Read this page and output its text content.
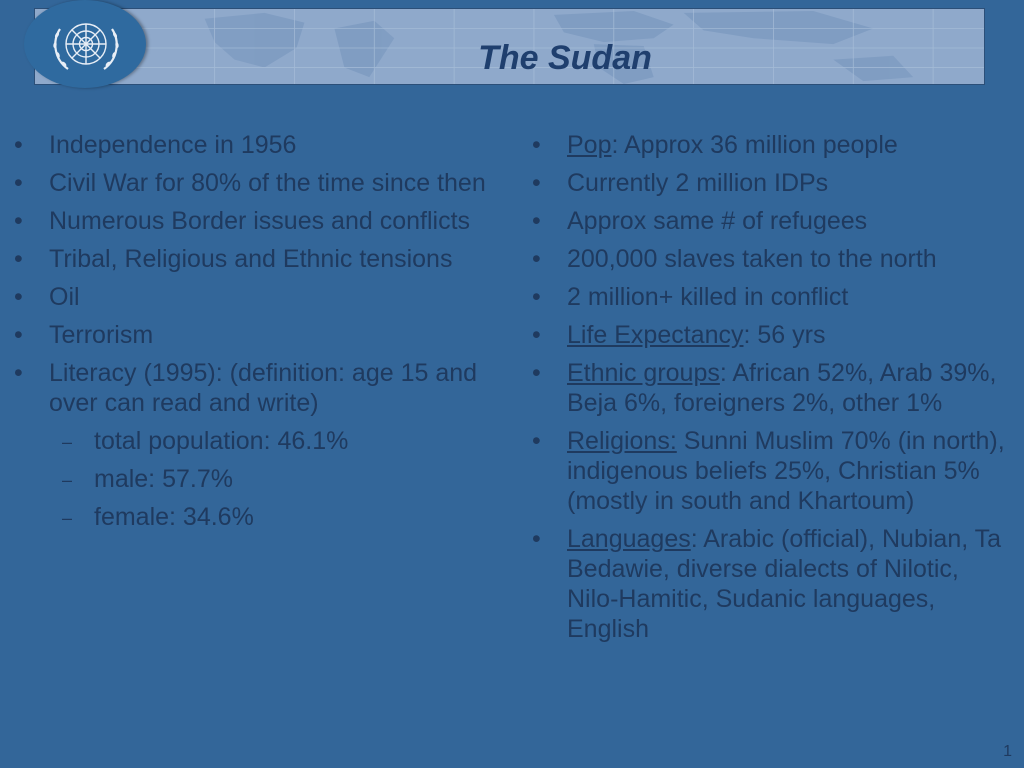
The Sudan
• Independence in 1956
• Civil War for 80% of the time since then
• Numerous Border issues and conflicts
• Tribal, Religious and Ethnic tensions
• Oil
• Terrorism
• Literacy (1995): (definition: age 15 and over can read and write)
– total population: 46.1%
– male: 57.7%
– female: 34.6%
• Pop: Approx 36 million people
• Currently 2 million IDPs
• Approx same # of refugees
• 200,000 slaves taken to the north
• 2 million+ killed in conflict
• Life Expectancy: 56 yrs
• Ethnic groups: African 52%, Arab 39%, Beja 6%, foreigners 2%, other 1%
• Religions: Sunni Muslim 70% (in north), indigenous beliefs 25%, Christian 5% (mostly in south and Khartoum)
• Languages: Arabic (official), Nubian, Ta Bedawie, diverse dialects of Nilotic, Nilo-Hamitic, Sudanic languages, English
1
